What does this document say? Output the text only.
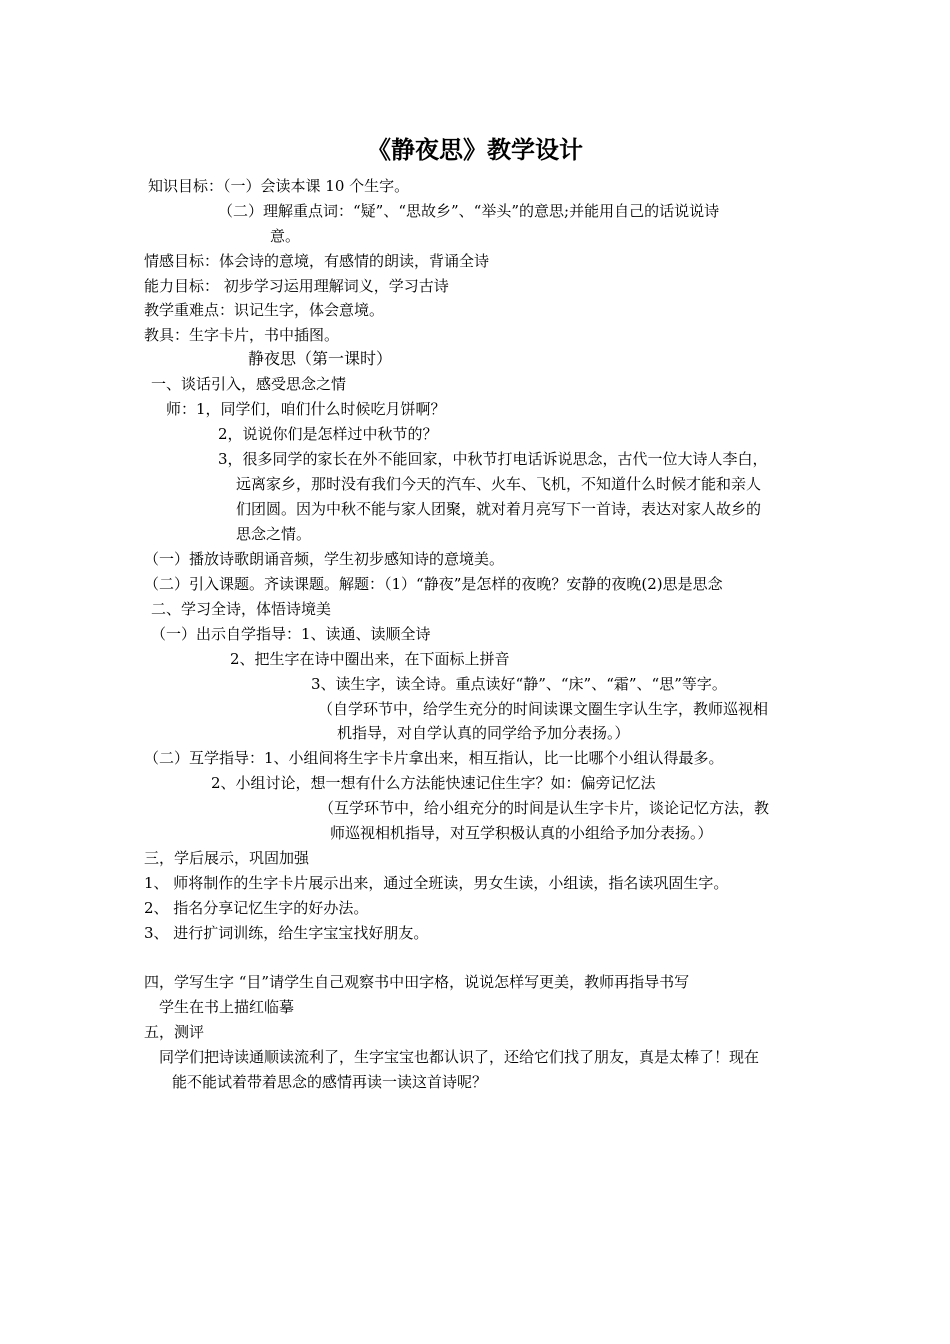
《静夜思》教学设计
知识目标：（一）会读本课 10 个生字。
（二）理解重点词：“疑”、“思故乡”、“举头”的意思;并能用自己的话说说诗
意。
情感目标：体会诗的意境，有感情的朗读，背诵全诗
能力目标： 初步学习运用理解词义，学习古诗
教学重难点：识记生字，体会意境。
教具：生字卡片，书中插图。
静夜思（第一课时）
一、谈话引入，感受思念之情
师：1，同学们，咱们什么时候吃月饼啊？
2，说说你们是怎样过中秋节的？
3，很多同学的家长在外不能回家，中秋节打电话诉说思念，古代一位大诗人李白，
远离家乡，那时没有我们今天的汽车、火车、飞机，不知道什么时候才能和亲人
们团圆。因为中秋不能与家人团聚，就对着月亮写下一首诗，表达对家人故乡的
思念之情。
（一）播放诗歌朗诵音频，学生初步感知诗的意境美。
（二）引入课题。齐读课题。解题：（1）“静夜”是怎样的夜晚？安静的夜晚(2)思是思念
二、学习全诗，体悟诗境美
（一）出示自学指导：1、读通、读顺全诗
2、把生字在诗中圈出来，在下面标上拼音
3、读生字，读全诗。重点读好“静”、“床”、“霜”、“思”等字。
（自学环节中，给学生充分的时间读课文圈生字认生字，教师巡视相
机指导，对自学认真的同学给予加分表扬。）
（二）互学指导：1、小组间将生字卡片拿出来，相互指认，比一比哪个小组认得最多。
2、小组讨论，想一想有什么方法能快速记住生字？如：偏旁记忆法
（互学环节中，给小组充分的时间是认生字卡片，谈论记忆方法，教
师巡视相机指导，对互学积极认真的小组给予加分表扬。）
三，学后展示，巩固加强
1、 师将制作的生字卡片展示出来，通过全班读，男女生读，小组读，指名读巩固生字。
2、 指名分享记忆生字的好办法。
3、 进行扩词训练，给生字宝宝找好朋友。
四，学写生字 “目”请学生自己观察书中田字格，说说怎样写更美，教师再指导书写
学生在书上描红临摹
五，测评
同学们把诗读通顺读流利了，生字宝宝也都认识了，还给它们找了朋友，真是太棒了！现在
能不能试着带着思念的感情再读一读这首诗呢？
